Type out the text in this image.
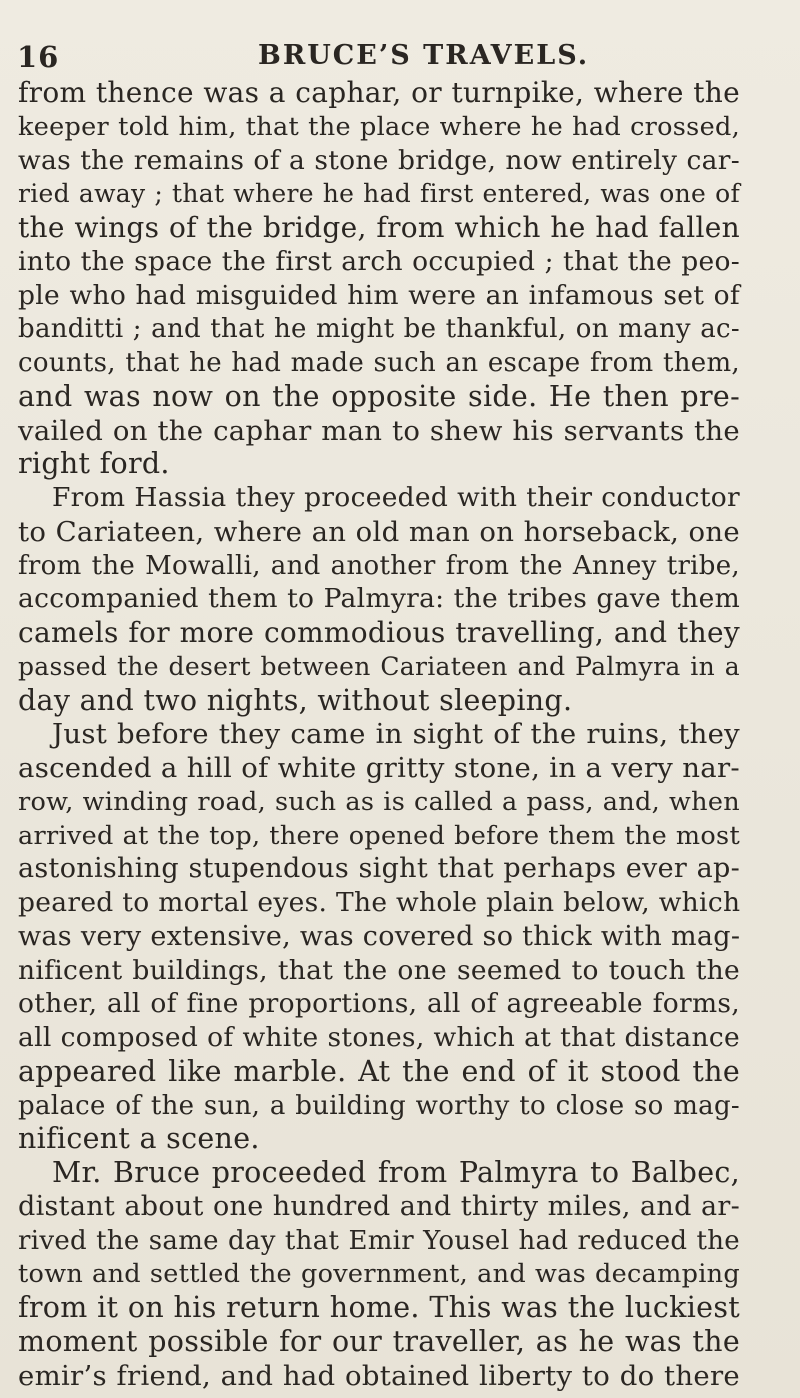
16	BRUCE’S TRAVELS.
from thence was a caphar, or turnpike, where the
keeper told him, that the place where he had crossed,
was the remains of a stone bridge, now entirely car-
ried away ; that where he had first entered, was one of
the wings of the bridge, from which he had fallen
into the space the first arch occupied ; that the peo-
ple who had misguided him were an infamous set of
banditti ; and that he might be thankful, on many ac-
counts, that he had made such an escape from them,
and was now on the opposite side. He then pre-
vailed on the caphar man to shew his servants the
right ford.
From Hassia they proceeded with their conductor
to Cariateen, where an old man on horseback, one
from the Mowalli, and another from the Anney tribe,
accompanied them to Palmyra: the tribes gave them
camels for more commodious travelling, and they
passed the desert between Cariateen and Palmyra in a
day and two nights, without sleeping.
Just before they came in sight of the ruins, they
ascended a hill of white gritty stone, in a very nar-
row, winding road, such as is called a pass, and, when
arrived at the top, there opened before them the most
astonishing stupendous sight that perhaps ever ap-
peared to mortal eyes. The whole plain below, which
was very extensive, was covered so thick with mag-
nificent buildings, that the one seemed to touch the
other, all of fine proportions, all of agreeable forms,
all composed of white stones, which at that distance
appeared like marble. At the end of it stood the
palace of the sun, a building worthy to close so mag-
nificent a scene.
Mr. Bruce proceeded from Palmyra to Balbec,
distant about one hundred and thirty miles, and ar-
rived the same day that Emir Yousel had reduced the
town and settled the government, and was decamping
from it on his return home. This was the luckiest
moment possible for our traveller, as he was the
emir’s friend, and had obtained liberty to do there
